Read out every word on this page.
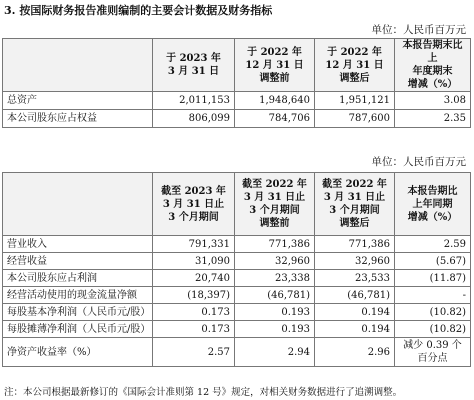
3. 按国际财务报告准则编制的主要会计数据及财务指标
单位：人民币百万元
	于 2023 年
3 月 31 日	于 2022 年
12 月 31 日
调整前	于 2022 年
12 月 31 日
调整后	本报告期末比上
年度期末
增减（%）
总资产	2,011,153	1,948,640	1,951,121	3.08
本公司股东应占权益	806,099	784,706	787,600	2.35
单位：人民币百万元
	截至 2023 年
3 月 31 日止
3 个月期间	截至 2022 年
3 月 31 日止
3 个月期间
调整前	截至 2022 年
3 月 31 日止
3 个月期间
调整后	本报告期比
上年同期
增减（%）
营业收入	791,331	771,386	771,386	2.59
经营收益	31,090	32,960	32,960	(5.67)
本公司股东应占利润	20,740	23,338	23,533	(11.87)
经营活动使用的现金流量净额	(18,397)	(46,781)	(46,781)	-
每股基本净利润（人民币元/股）	0.173	0.193	0.194	(10.82)
每股摊薄净利润（人民币元/股）	0.173	0.193	0.194	(10.82)
净资产收益率（%）	2.57	2.94	2.96	减少 0.39 个
百分点
注：本公司根据最新修订的《国际会计准则第 12 号》规定，对相关财务数据进行了追溯调整。
